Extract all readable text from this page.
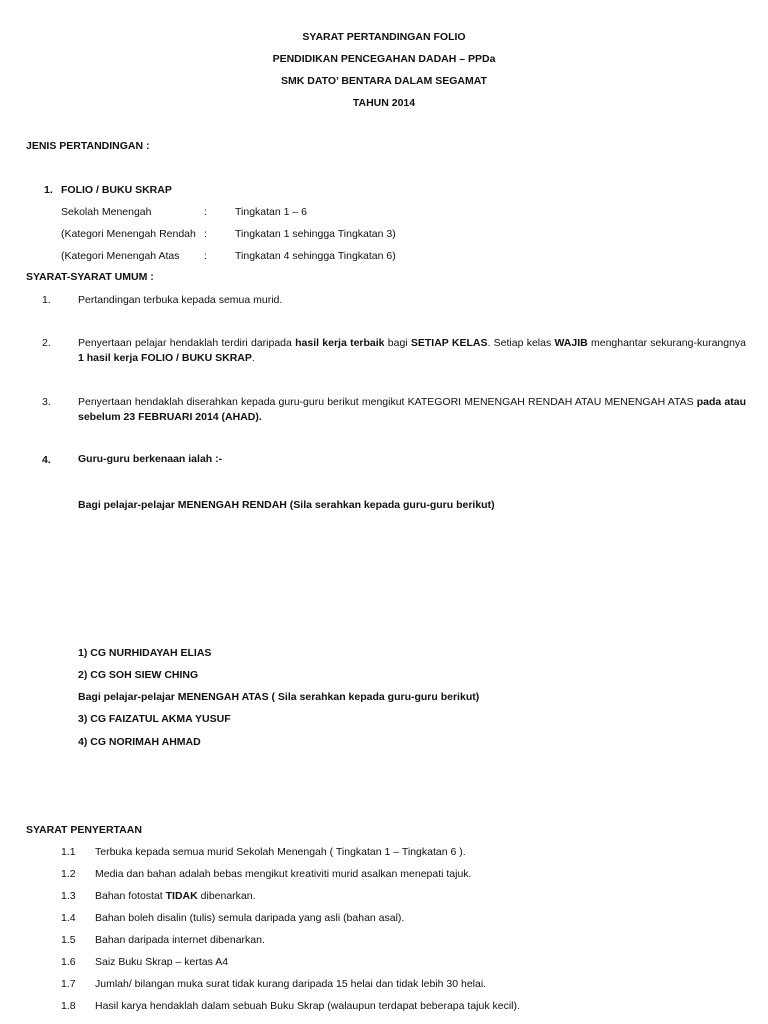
SYARAT PERTANDINGAN FOLIO
PENDIDIKAN PENCEGAHAN DADAH – PPDa
SMK DATO’ BENTARA DALAM SEGAMAT
TAHUN 2014
JENIS PERTANDINGAN :
1. FOLIO / BUKU SKRAP
Sekolah Menengah	:	Tingkatan 1 – 6
(Kategori Menengah Rendah :	Tingkatan 1 sehingga Tingkatan 3)
(Kategori Menengah Atas :	Tingkatan 4 sehingga Tingkatan 6)
SYARAT-SYARAT UMUM :
1.	Pertandingan terbuka kepada semua murid.
2.	Penyertaan pelajar hendaklah terdiri daripada hasil kerja terbaik bagi SETIAP KELAS. Setiap kelas WAJIB menghantar sekurang-kurangnya 1 hasil kerja FOLIO / BUKU SKRAP.
3.	Penyertaan hendaklah diserahkan kepada guru-guru berikut mengikut KATEGORI MENENGAH RENDAH ATAU MENENGAH ATAS pada atau sebelum 23 FEBRUARI 2014 (AHAD).
4.	Guru-guru berkenaan ialah :-
Bagi pelajar-pelajar MENENGAH RENDAH (Sila serahkan kepada guru-guru berikut)
1) CG NURHIDAYAH ELIAS
2) CG SOH SIEW CHING
Bagi pelajar-pelajar MENENGAH ATAS ( Sila serahkan kepada guru-guru berikut)
3) CG FAIZATUL AKMA YUSUF
4) CG NORIMAH AHMAD
SYARAT PENYERTAAN
1.1 Terbuka kepada semua murid Sekolah Menengah ( Tingkatan 1 – Tingkatan 6 ).
1.2 Media dan bahan adalah bebas mengikut kreativiti murid asalkan menepati tajuk.
1.3 Bahan fotostat TIDAK dibenarkan.
1.4 Bahan boleh disalin (tulis) semula daripada yang asli (bahan asal).
1.5 Bahan daripada internet dibenarkan.
1.6 Saiz Buku Skrap – kertas A4
1.7 Jumlah/ bilangan muka surat tidak kurang daripada 15 helai dan tidak lebih 30 helai.
1.8 Hasil karya hendaklah dalam sebuah Buku Skrap (walaupun terdapat beberapa tajuk kecil).
